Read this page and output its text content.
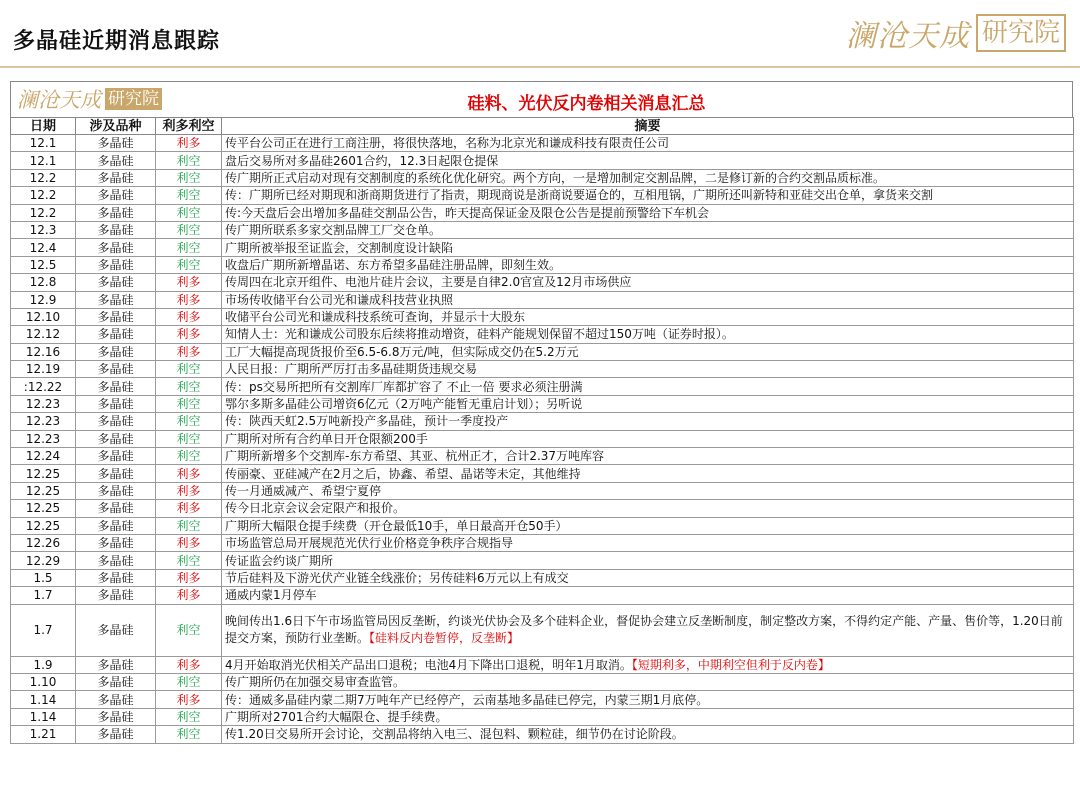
多晶硅近期消息跟踪	澜沧天成 研究院
澜沧天成 研究院	硅料、光伏反内卷相关消息汇总
日期	涉及品种	利多利空	摘要
12.1	多晶硅	利多	传平台公司正在进行工商注册，将很快落地，名称为北京光和谦成科技有限责任公司
12.1	多晶硅	利空	盘后交易所对多晶硅2601合约，12.3日起限仓提保
12.2	多晶硅	利空	传广期所正式启动对现有交割制度的系统化优化研究。两个方向，一是增加制定交割品牌，二是修订新的合约交割品质标准。
12.2	多晶硅	利空	传：广期所已经对期现和浙商期货进行了指责，期现商说是浙商说要逼仓的，互相甩锅，广期所还叫新特和亚硅交出仓单，拿货来交割
12.2	多晶硅	利空	传:今天盘后会出增加多晶硅交割品公告，昨天提高保证金及限仓公告是提前预警给下车机会
12.3	多晶硅	利空	传广期所联系多家交割品牌工厂交仓单。
12.4	多晶硅	利空	广期所被举报至证监会，交割制度设计缺陷
12.5	多晶硅	利空	收盘后广期所新增晶诺、东方希望多晶硅注册品牌，即刻生效。
12.8	多晶硅	利多	传周四在北京开组件、电池片硅片会议，主要是自律2.0官宣及12月市场供应
12.9	多晶硅	利多	市场传收储平台公司光和谦成科技营业执照
12.10	多晶硅	利多	收储平台公司光和谦成科技系统可查询，并显示十大股东
12.12	多晶硅	利多	知情人士：光和谦成公司股东后续将推动增资，硅料产能规划保留不超过150万吨（证券时报）。
12.16	多晶硅	利多	工厂大幅提高现货报价至6.5-6.8万元/吨，但实际成交仍在5.2万元
12.19	多晶硅	利空	人民日报：广期所严厉打击多晶硅期货违规交易
:12.22	多晶硅	利空	传：ps交易所把所有交割库厂库都扩容了 不止一倍 要求必须注册满
12.23	多晶硅	利空	鄂尔多斯多晶硅公司增资6亿元（2万吨产能暂无重启计划）；另听说
12.23	多晶硅	利空	传：陕西天虹2.5万吨新投产多晶硅，预计一季度投产
12.23	多晶硅	利空	广期所对所有合约单日开仓限额200手
12.24	多晶硅	利空	广期所新增多个交割库-东方希望、其亚、杭州正才，合计2.37万吨库容
12.25	多晶硅	利多	传丽豪、亚硅减产在2月之后，协鑫、希望、晶诺等未定，其他维持
12.25	多晶硅	利多	传一月通威减产、希望宁夏停
12.25	多晶硅	利多	传今日北京会议会定限产和报价。
12.25	多晶硅	利空	广期所大幅限仓提手续费（开仓最低10手，单日最高开仓50手）
12.26	多晶硅	利多	市场监管总局开展规范光伏行业价格竞争秩序合规指导
12.29	多晶硅	利空	传证监会约谈广期所
1.5	多晶硅	利多	节后硅料及下游光伏产业链全线涨价；另传硅料6万元以上有成交
1.7	多晶硅	利多	通威内蒙1月停车
1.7	多晶硅	利空	晚间传出1.6日下午市场监管局因反垄断，约谈光伏协会及多个硅料企业，督促协会建立反垄断制度，制定整改方案，不得约定产能、产量、售价等，1.20日前提交方案，预防行业垄断。【硅料反内卷暂停，反垄断】
1.9	多晶硅	利多	4月开始取消光伏相关产品出口退税；电池4月下降出口退税，明年1月取消。【短期利多，中期利空但利于反内卷】
1.10	多晶硅	利空	传广期所仍在加强交易审查监管。
1.14	多晶硅	利多	传：通威多晶硅内蒙二期7万吨年产已经停产，云南基地多晶硅已停完，内蒙三期1月底停。
1.14	多晶硅	利空	广期所对2701合约大幅限仓、提手续费。
1.21	多晶硅	利空	传1.20日交易所开会讨论，交割品将纳入电三、混包料、颗粒硅，细节仍在讨论阶段。
